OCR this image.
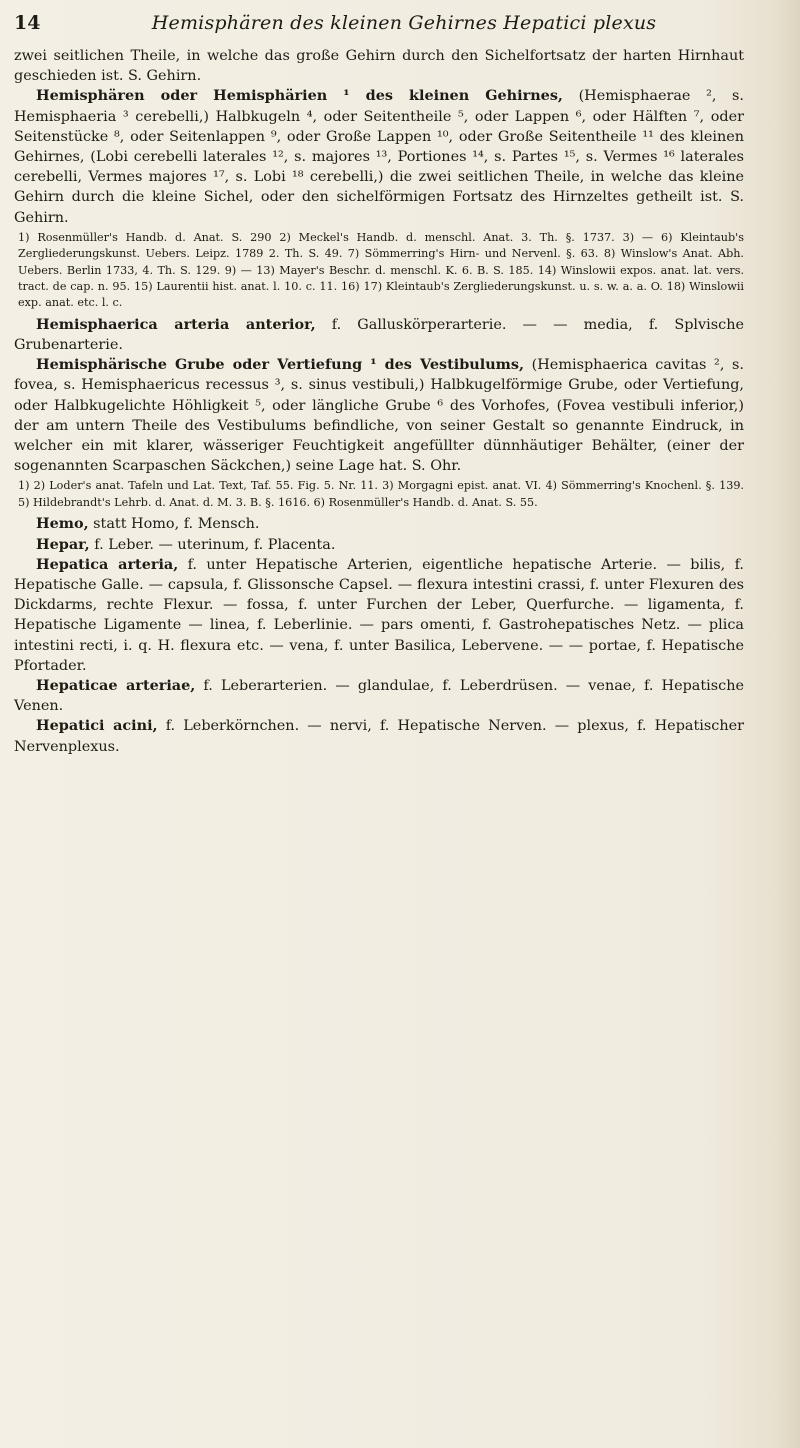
14	Hemisphären des kleinen Gehirnes Hepatici plexus

zwei seitlichen Theile, in welche das große Gehirn durch den Sichelfortsatz der harten Hirnhaut geschieden ist. S. Gehirn.

Hemisphären oder Hemisphärien ¹ des kleinen Gehirnes, (Hemisphaerae ², s. Hemisphaeria ³ cerebelli,) Halbkugeln ⁴, oder Seitentheile ⁵, oder Lappen ⁶, oder Hälften ⁷, oder Seitenstücke ⁸, oder Seitenlappen ⁹, oder Große Lappen ¹⁰, oder Große Seitentheile ¹¹ des kleinen Gehirnes, (Lobi cerebelli laterales ¹², s. majores ¹³, Portiones ¹⁴, s. Partes ¹⁵, s. Vermes ¹⁶ laterales cerebelli, Vermes majores ¹⁷, s. Lobi ¹⁸ cerebelli,) die zwei seitlichen Theile, in welche das kleine Gehirn durch die kleine Sichel, oder den sichelförmigen Fortsatz des Hirnzeltes getheilt ist. S. Gehirn.

1) Rosenmüller's Handb. d. Anat. S. 290 2) Meckel's Handb. d. menschl. Anat. 3. Th. §. 1737. 3) — 6) Kleintaub's Zergliederungskunst. Uebers. Leipz. 1789 2. Th. S. 49. 7) Sömmerring's Hirn- und Nervenl. §. 63. 8) Winslow's Anat. Abh. Uebers. Berlin 1733, 4. Th. S. 129. 9) — 13) Mayer's Beschr. d. menschl. K. 6. B. S. 185. 14) Winslowii expos. anat. lat. vers. tract. de cap. n. 95. 15) Laurentii hist. anat. l. 10. c. 11. 16) 17) Kleintaub's Zergliederungskunst. u. s. w. a. a. O. 18) Winslowii exp. anat. etc. l. c.

Hemisphaerica arteria anterior, f. Galluskörperarterie. — — media, f. Splvische Grubenarterie.

Hemisphärische Grube oder Vertiefung ¹ des Vestibulums, (Hemisphaerica cavitas ², s. fovea, s. Hemisphaericus recessus ³, s. sinus vestibuli,) Halbkugelförmige Grube, oder Vertiefung, oder Halbkugelichte Höhligkeit ⁵, oder längliche Grube ⁶ des Vorhofes, (Fovea vestibuli inferior,) der am untern Theile des Vestibulums befindliche, von seiner Gestalt so genannte Eindruck, in welcher ein mit klarer, wässeriger Feuchtigkeit angefüllter dünnhäutiger Behälter, (einer der sogenannten Scarpaschen Säckchen,) seine Lage hat. S. Ohr.

1) 2) Loder's anat. Tafeln und Lat. Text, Taf. 55. Fig. 5. Nr. 11. 3) Morgagni epist. anat. VI. 4) Sömmerring's Knochenl. §. 139. 5) Hildebrandt's Lehrb. d. Anat. d. M. 3. B. §. 1616. 6) Rosenmüller's Handb. d. Anat. S. 55.

Hemo, statt Homo, f. Mensch.

Hepar, f. Leber. — uterinum, f. Placenta.

Hepatica arteria, f. unter Hepatische Arterien, eigentliche hepatische Arterie. — bilis, f. Hepatische Galle. — capsula, f. Glissonsche Capsel. — flexura intestini crassi, f. unter Flexuren des Dickdarms, rechte Flexur. — fossa, f. unter Furchen der Leber, Querfurche. — ligamenta, f. Hepatische Ligamente — linea, f. Leberlinie. — pars omenti, f. Gastrohepatisches Netz. — plica intestini recti, i. q. H. flexura etc. — vena, f. unter Basilica, Lebervene. — — portae, f. Hepatische Pfortader.

Hepaticae arteriae, f. Leberarterien. — glandulae, f. Leberdrüsen. — venae, f. Hepatische Venen.

Hepatici acini, f. Leberkörnchen. — nervi, f. Hepatische Nerven. — plexus, f. Hepatischer Nervenplexus.
